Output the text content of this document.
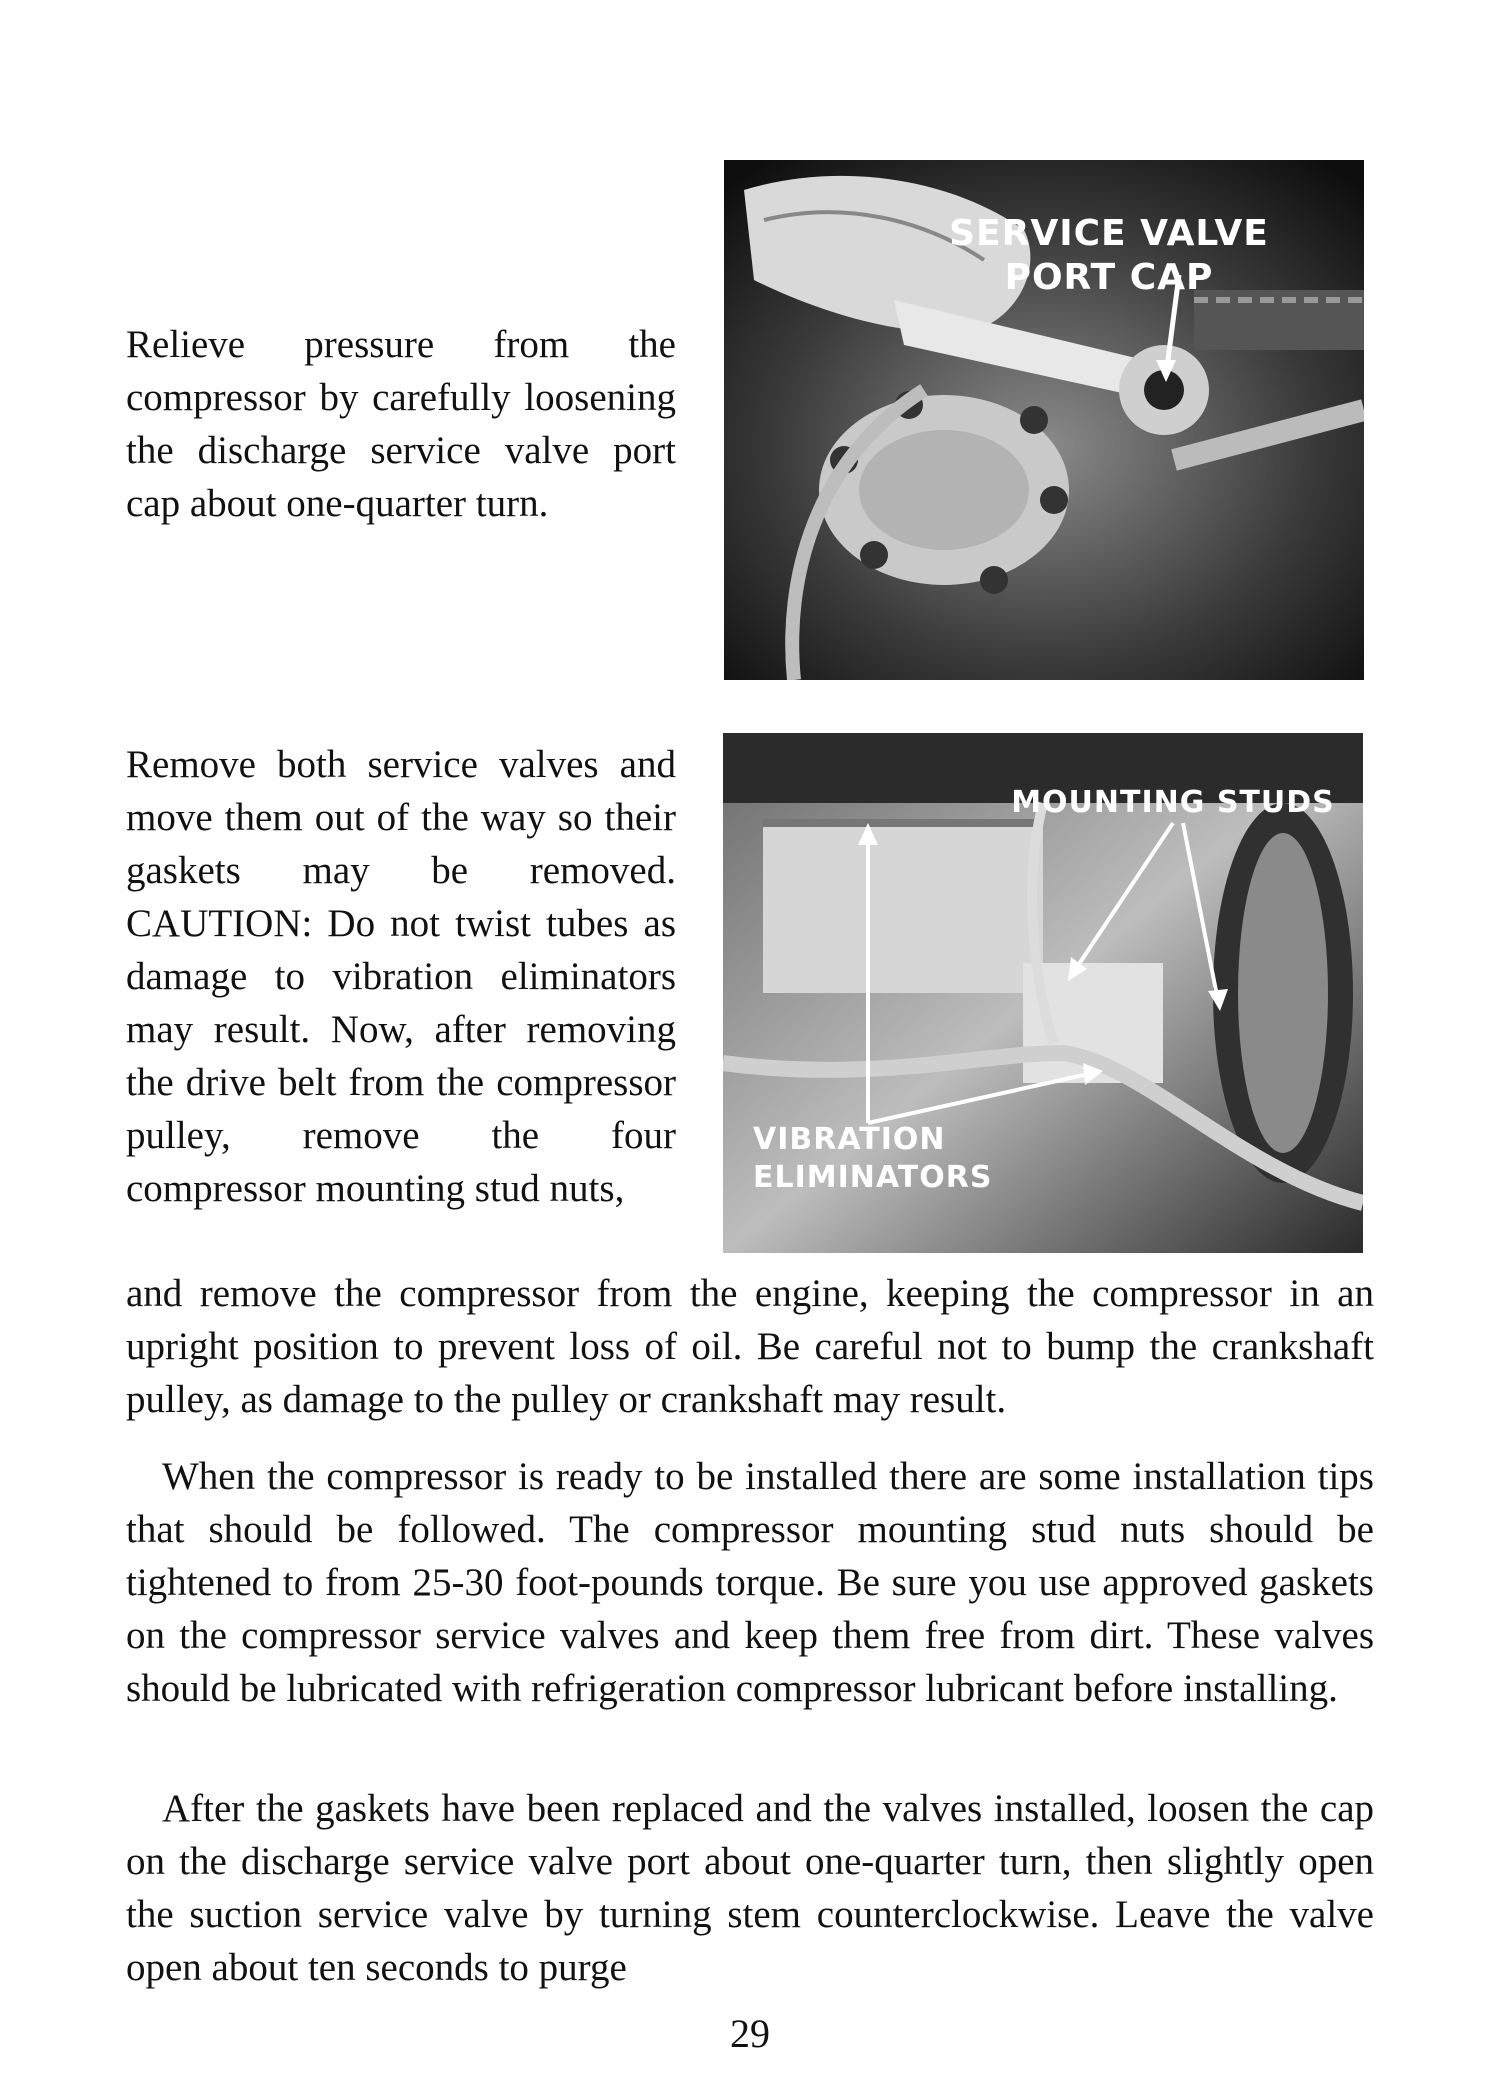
Relieve pressure from the compressor by carefully loosening the discharge service valve port cap about one-quarter turn.

SERVICE VALVE PORT CAP

Remove both service valves and move them out of the way so their gaskets may be removed. CAUTION: Do not twist tubes as damage to vibration eliminators may result. Now, after removing the drive belt from the compressor pulley, remove the four compressor mounting stud nuts,

MOUNTING STUDS
VIBRATION ELIMINATORS

and remove the compressor from the engine, keeping the compressor in an upright position to prevent loss of oil. Be careful not to bump the crankshaft pulley, as damage to the pulley or crankshaft may result.

When the compressor is ready to be installed there are some installation tips that should be followed. The compressor mounting stud nuts should be tightened to from 25-30 foot-pounds torque. Be sure you use approved gaskets on the compressor service valves and keep them free from dirt. These valves should be lubricated with refrigeration compressor lubricant before installing.

After the gaskets have been replaced and the valves installed, loosen the cap on the discharge service valve port about one-quarter turn, then slightly open the suction service valve by turning stem counterclockwise. Leave the valve open about ten seconds to purge

29
